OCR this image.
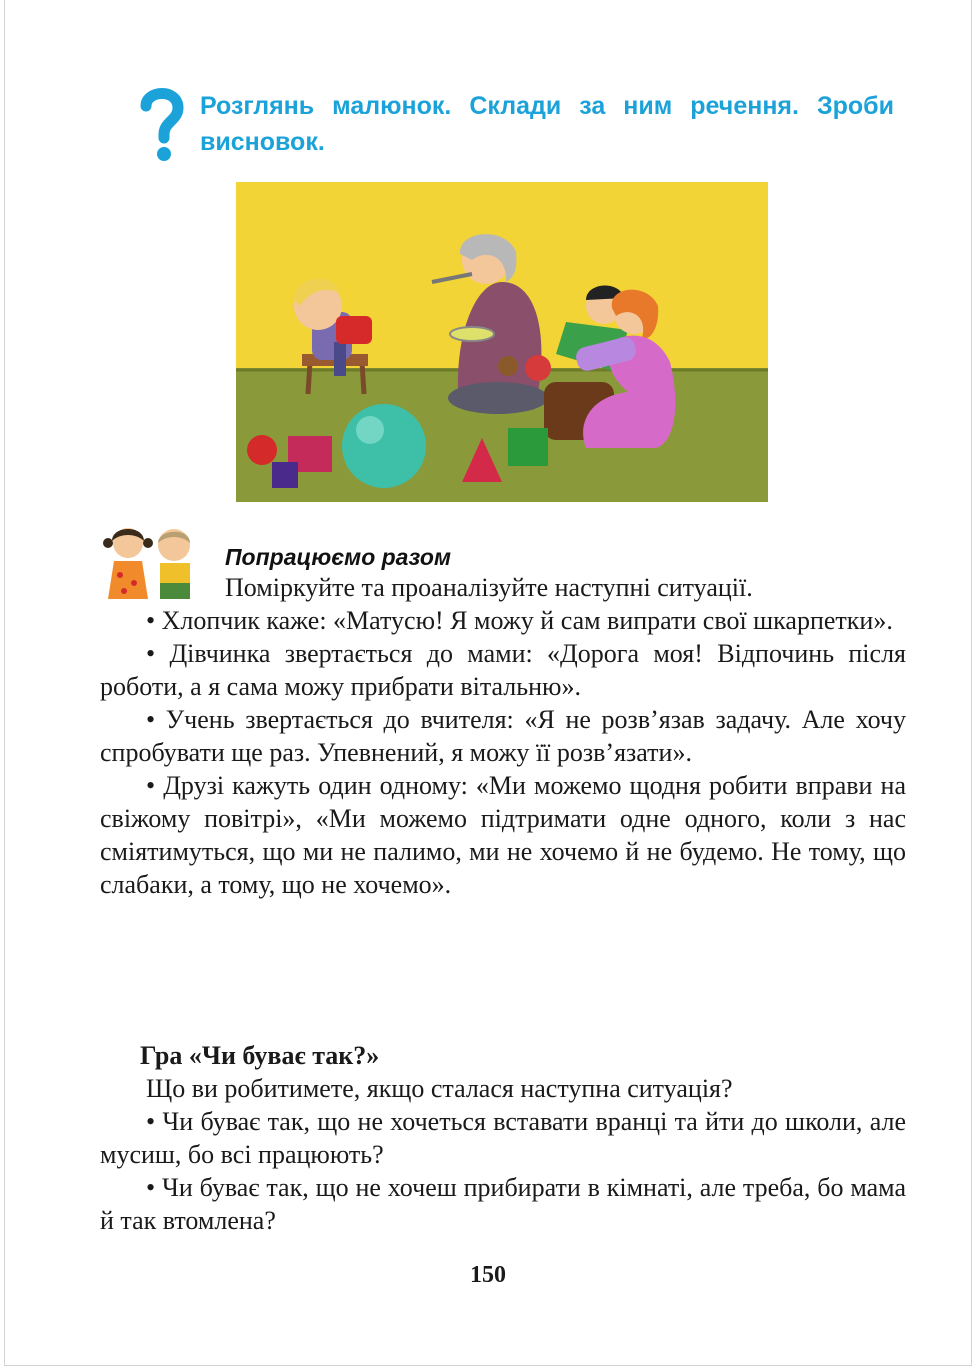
Розглянь малюнок. Склади за ним речення. Зроби висновок.
Попрацюємо разом

Поміркуйте та проаналізуйте наступні ситуації.

• Хлопчик каже: «Матусю! Я можу й сам випрати свої шкарпетки».

• Дівчинка звертається до мами: «Дорога моя! Відпочинь після роботи, а я сама можу прибрати вітальню».

• Учень звертається до вчителя: «Я не розв’язав задачу. Але хочу спробувати ще раз. Упевнений, я можу її розв’язати».

• Друзі кажуть один одному: «Ми можемо щодня робити вправи на свіжому повітрі», «Ми можемо підтримати одне одного, коли з нас сміятимуться, що ми не палимо, ми не хочемо й не будемо. Не тому, що слабаки, а тому, що не хочемо».

Гра «Чи буває так?»

Що ви робитимете, якщо сталася наступна ситуація?

• Чи буває так, що не хочеться вставати вранці та йти до школи, але мусиш, бо всі працюють?

• Чи буває так, що не хочеш прибирати в кімнаті, але треба, бо мама й так втомлена?

150
